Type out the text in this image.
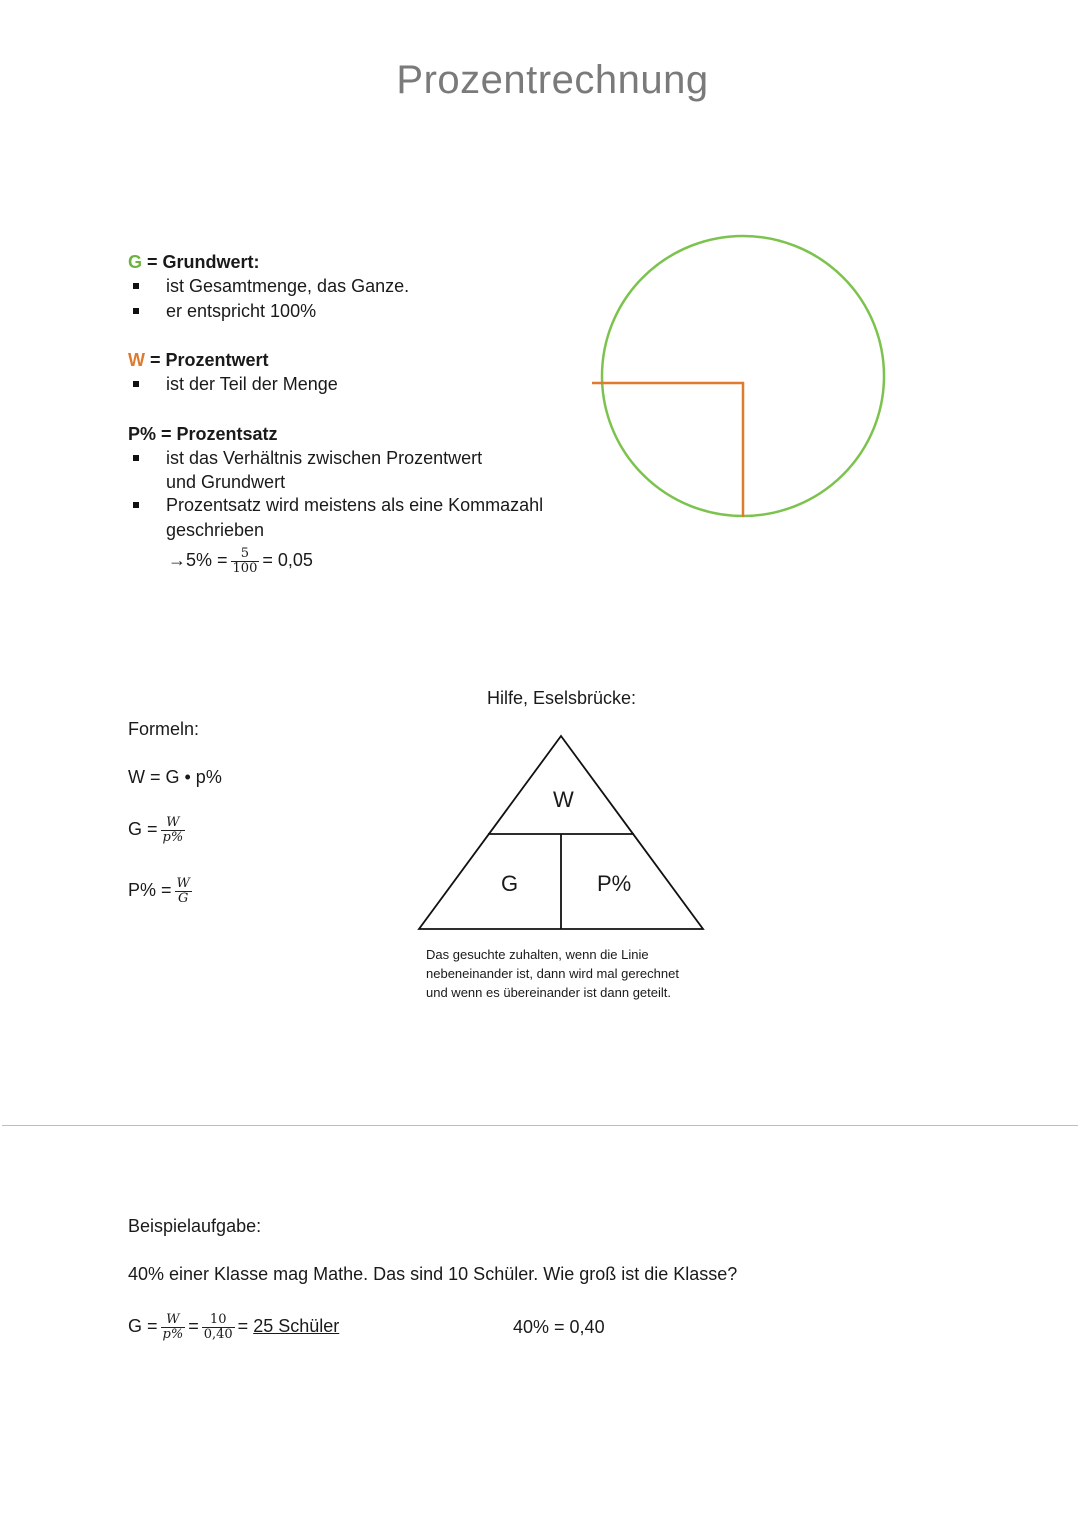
Prozentrechnung
G = Grundwert:
ist Gesamtmenge, das Ganze.
er entspricht 100%
W = Prozentwert
ist der Teil der Menge
P% = Prozentsatz
ist das Verhältnis zwischen Prozentwert
und Grundwert
Prozentsatz wird meistens als eine Kommazahl
geschrieben
$\to 5\% = \frac{5}{100} = 0,05$
Formeln:
W = G • p%
$G = \frac{W}{p\%}$
$P\% = \frac{W}{G}$
Hilfe, Eselsbrücke:
W
G	P%
Das gesuchte zuhalten, wenn die Linie
nebeneinander ist, dann wird mal gerechnet
und wenn es übereinander ist dann geteilt.
Beispielaufgabe:
40% einer Klasse mag Mathe. Das sind 10 Schüler. Wie groß ist die Klasse?
$G = \frac{W}{p\%} = \frac{10}{0,40} = 25$ Schüler	40% = 0,40
